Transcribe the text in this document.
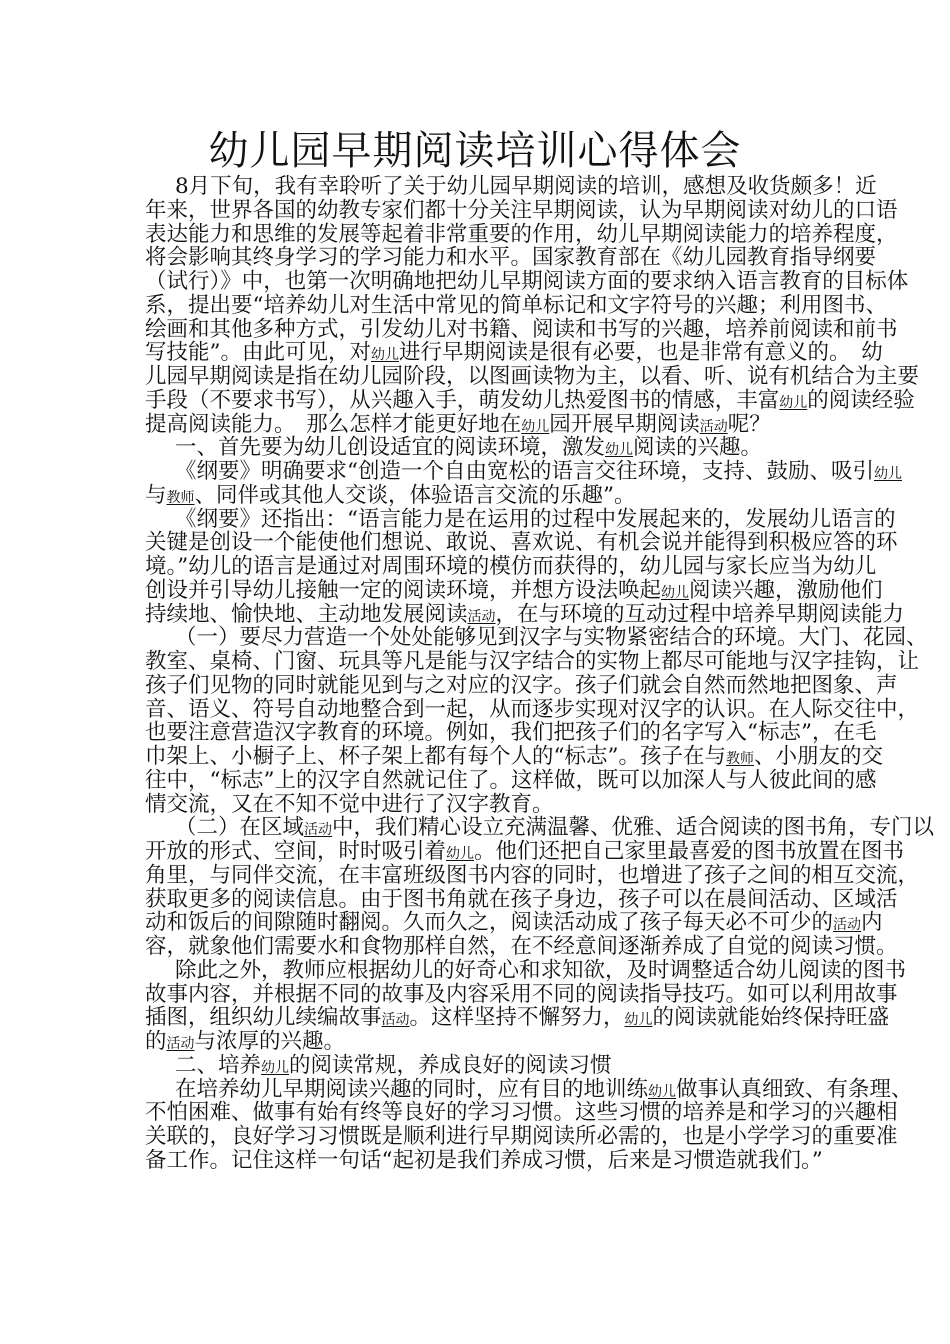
幼儿园早期阅读培训心得体会
8月下旬，我有幸聆听了关于幼儿园早期阅读的培训，感想及收货颇多！近
年来，世界各国的幼教专家们都十分关注早期阅读，认为早期阅读对幼儿的口语
表达能力和思维的发展等起着非常重要的作用，幼儿早期阅读能力的培养程度，
将会影响其终身学习的学习能力和水平。国家教育部在《幼儿园教育指导纲要
（试行）》中，也第一次明确地把幼儿早期阅读方面的要求纳入语言教育的目标体
系，提出要“培养幼儿对生活中常见的简单标记和文字符号的兴趣；利用图书、
绘画和其他多种方式，引发幼儿对书籍、阅读和书写的兴趣，培养前阅读和前书
写技能”。由此可见，对幼儿进行早期阅读是很有必要，也是非常有意义的。　幼
儿园早期阅读是指在幼儿园阶段，以图画读物为主，以看、听、说有机结合为主要
手段（不要求书写），从兴趣入手，萌发幼儿热爱图书的情感，丰富幼儿的阅读经验
提高阅读能力。　那么怎样才能更好地在幼儿园开展早期阅读活动呢？
一、首先要为幼儿创设适宜的阅读环境，激发幼儿阅读的兴趣。
《纲要》明确要求“创造一个自由宽松的语言交往环境，支持、鼓励、吸引幼儿
与教师、同伴或其他人交谈，体验语言交流的乐趣”。
《纲要》还指出：“语言能力是在运用的过程中发展起来的，发展幼儿语言的
关键是创设一个能使他们想说、敢说、喜欢说、有机会说并能得到积极应答的环
境。”幼儿的语言是通过对周围环境的模仿而获得的，幼儿园与家长应当为幼儿
创设并引导幼儿接触一定的阅读环境，并想方设法唤起幼儿阅读兴趣，激励他们
持续地、愉快地、主动地发展阅读活动，在与环境的互动过程中培养早期阅读能力
（一）要尽力营造一个处处能够见到汉字与实物紧密结合的环境。大门、花园、
教室、桌椅、门窗、玩具等凡是能与汉字结合的实物上都尽可能地与汉字挂钩，让
孩子们见物的同时就能见到与之对应的汉字。孩子们就会自然而然地把图象、声
音、语义、符号自动地整合到一起，从而逐步实现对汉字的认识。在人际交往中，
也要注意营造汉字教育的环境。例如，我们把孩子们的名字写入“标志”，在毛
巾架上、小橱子上、杯子架上都有每个人的“标志”。孩子在与教师、小朋友的交
往中，“标志”上的汉字自然就记住了。这样做，既可以加深人与人彼此间的感
情交流，又在不知不觉中进行了汉字教育。
（二）在区域活动中，我们精心设立充满温馨、优雅、适合阅读的图书角，专门以
开放的形式、空间，时时吸引着幼儿。他们还把自己家里最喜爱的图书放置在图书
角里，与同伴交流，在丰富班级图书内容的同时，也增进了孩子之间的相互交流，
获取更多的阅读信息。由于图书角就在孩子身边，孩子可以在晨间活动、区域活
动和饭后的间隙随时翻阅。久而久之，阅读活动成了孩子每天必不可少的活动内
容，就象他们需要水和食物那样自然，在不经意间逐渐养成了自觉的阅读习惯。
除此之外，教师应根据幼儿的好奇心和求知欲，及时调整适合幼儿阅读的图书
故事内容，并根据不同的故事及内容采用不同的阅读指导技巧。如可以利用故事
插图，组织幼儿续编故事活动。这样坚持不懈努力，幼儿的阅读就能始终保持旺盛
的活动与浓厚的兴趣。
二、培养幼儿的阅读常规，养成良好的阅读习惯
在培养幼儿早期阅读兴趣的同时，应有目的地训练幼儿做事认真细致、有条理、
不怕困难、做事有始有终等良好的学习习惯。这些习惯的培养是和学习的兴趣相
关联的，良好学习习惯既是顺利进行早期阅读所必需的，也是小学学习的重要准
备工作。记住这样一句话“起初是我们养成习惯，后来是习惯造就我们。”
